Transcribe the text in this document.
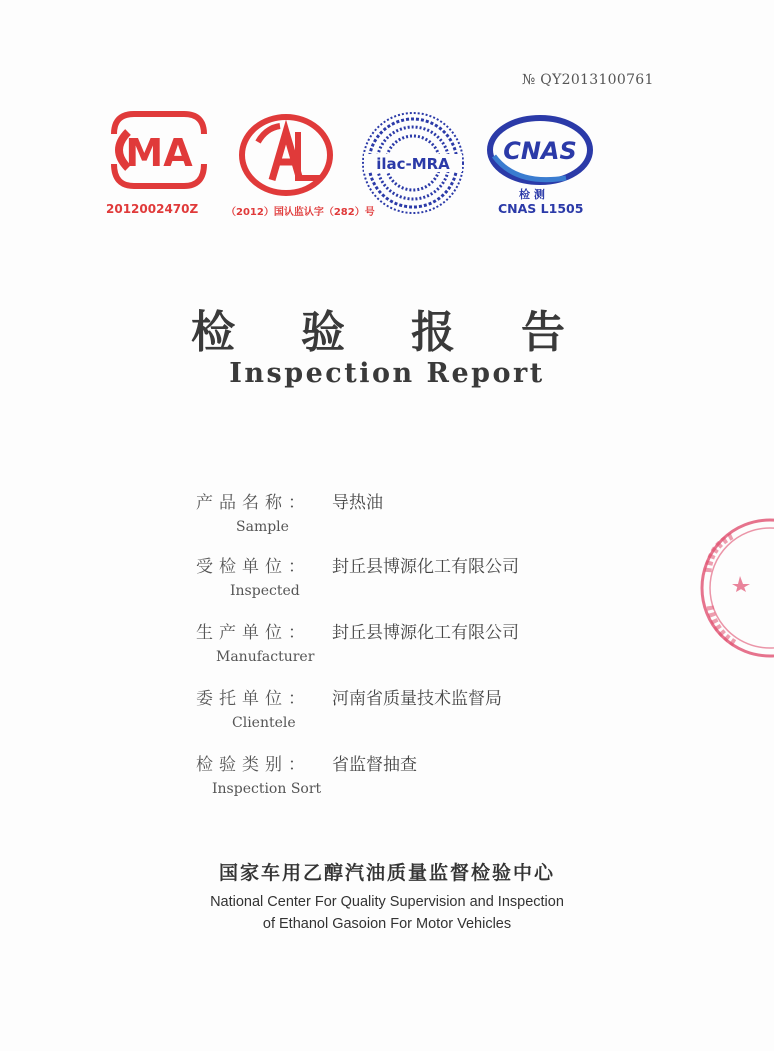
№ QY2013100761
MA
2012002470Z	（2012）国认监认字（282）号
ilac-MRA CNAS
检 测
CNAS L1505
检验报告
Inspection Report
产品名称：
Sample
导热油
受检单位：
Inspected
封丘县博源化工有限公司
生产单位：
Manufacturer
封丘县博源化工有限公司
委托单位：
Clientele
河南省质量技术监督局
检验类别：
Inspection Sort
省监督抽查
国家车用乙醇汽油质量监督检验中心
National Center For Quality Supervision and Inspection
of Ethanol Gasoion For Motor Vehicles
